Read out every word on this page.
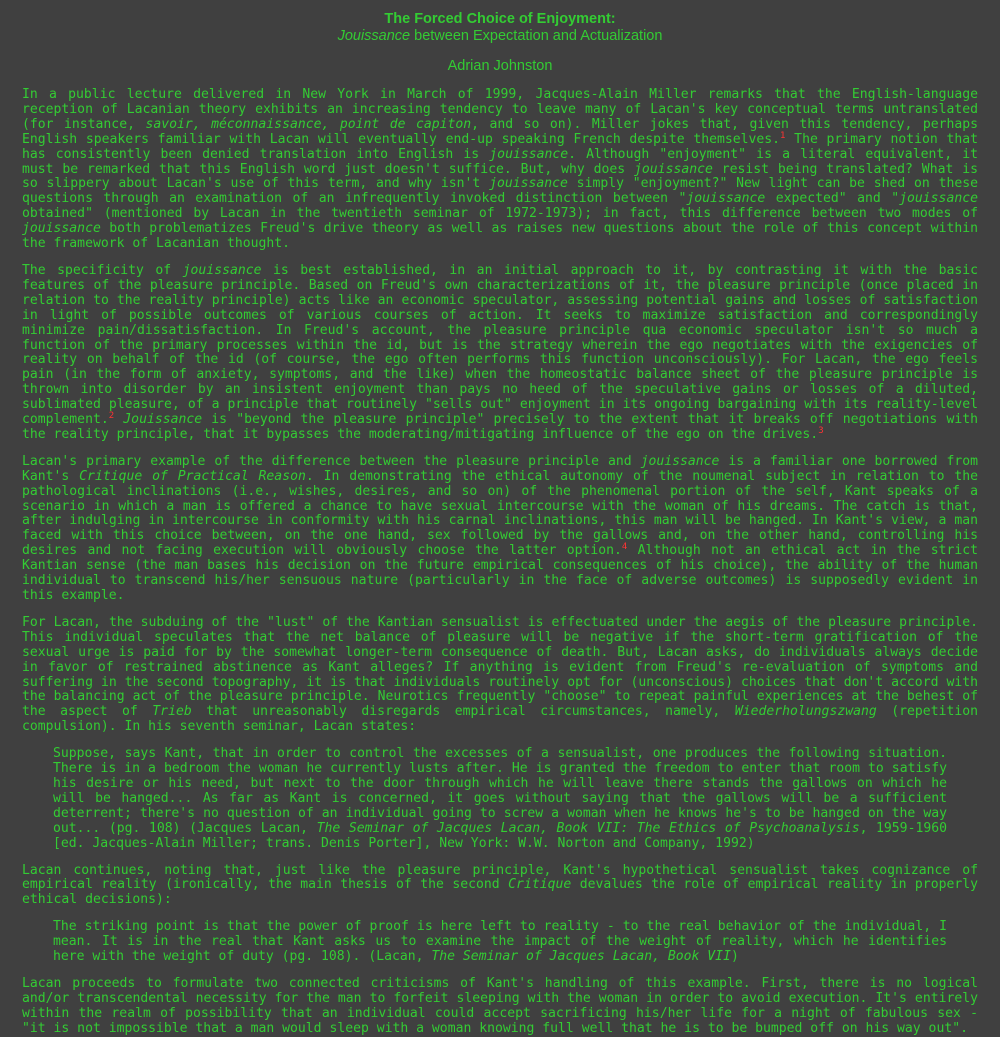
The Forced Choice of Enjoyment:
Jouissance between Expectation and Actualization
Adrian Johnston

In a public lecture delivered in New York in March of 1999, Jacques-Alain Miller remarks that the English-language reception of Lacanian theory exhibits an increasing tendency to leave many of Lacan's key conceptual terms untranslated (for instance, savoir, méconnaissance, point de capiton, and so on). Miller jokes that, given this tendency, perhaps English speakers familiar with Lacan will eventually end-up speaking French despite themselves.$^1$ The primary notion that has consistently been denied translation into English is jouissance. Although "enjoyment" is a literal equivalent, it must be remarked that this English word just doesn't suffice. But, why does jouissance resist being translated? What is so slippery about Lacan's use of this term, and why isn't jouissance simply "enjoyment?" New light can be shed on these questions through an examination of an infrequently invoked distinction between "jouissance expected" and "jouissance obtained" (mentioned by Lacan in the twentieth seminar of 1972-1973); in fact, this difference between two modes of jouissance both problematizes Freud's drive theory as well as raises new questions about the role of this concept within the framework of Lacanian thought.

The specificity of jouissance is best established, in an initial approach to it, by contrasting it with the basic features of the pleasure principle. Based on Freud's own characterizations of it, the pleasure principle (once placed in relation to the reality principle) acts like an economic speculator, assessing potential gains and losses of satisfaction in light of possible outcomes of various courses of action. It seeks to maximize satisfaction and correspondingly minimize pain/dissatisfaction. In Freud's account, the pleasure principle qua economic speculator isn't so much a function of the primary processes within the id, but is the strategy wherein the ego negotiates with the exigencies of reality on behalf of the id (of course, the ego often performs this function unconsciously). For Lacan, the ego feels pain (in the form of anxiety, symptoms, and the like) when the homeostatic balance sheet of the pleasure principle is thrown into disorder by an insistent enjoyment than pays no heed of the speculative gains or losses of a diluted, sublimated pleasure, of a principle that routinely "sells out" enjoyment in its ongoing bargaining with its reality-level complement.$^2$ Jouissance is "beyond the pleasure principle" precisely to the extent that it breaks off negotiations with the reality principle, that it bypasses the moderating/mitigating influence of the ego on the drives.$^3$

Lacan's primary example of the difference between the pleasure principle and jouissance is a familiar one borrowed from Kant's Critique of Practical Reason. In demonstrating the ethical autonomy of the noumenal subject in relation to the pathological inclinations (i.e., wishes, desires, and so on) of the phenomenal portion of the self, Kant speaks of a scenario in which a man is offered a chance to have sexual intercourse with the woman of his dreams. The catch is that, after indulging in intercourse in conformity with his carnal inclinations, this man will be hanged. In Kant's view, a man faced with this choice between, on the one hand, sex followed by the gallows and, on the other hand, controlling his desires and not facing execution will obviously choose the latter option.$^4$ Although not an ethical act in the strict Kantian sense (the man bases his decision on the future empirical consequences of his choice), the ability of the human individual to transcend his/her sensuous nature (particularly in the face of adverse outcomes) is supposedly evident in this example.

For Lacan, the subduing of the "lust" of the Kantian sensualist is effectuated under the aegis of the pleasure principle. This individual speculates that the net balance of pleasure will be negative if the short-term gratification of the sexual urge is paid for by the somewhat longer-term consequence of death. But, Lacan asks, do individuals always decide in favor of restrained abstinence as Kant alleges? If anything is evident from Freud's re-evaluation of symptoms and suffering in the second topography, it is that individuals routinely opt for (unconscious) choices that don't accord with the balancing act of the pleasure principle. Neurotics frequently "choose" to repeat painful experiences at the behest of the aspect of Trieb that unreasonably disregards empirical circumstances, namely, Wiederholungszwang (repetition compulsion). In his seventh seminar, Lacan states:

Suppose, says Kant, that in order to control the excesses of a sensualist, one produces the following situation. There is in a bedroom the woman he currently lusts after. He is granted the freedom to enter that room to satisfy his desire or his need, but next to the door through which he will leave there stands the gallows on which he will be hanged... As far as Kant is concerned, it goes without saying that the gallows will be a sufficient deterrent; there's no question of an individual going to screw a woman when he knows he's to be hanged on the way out... (pg. 108) (Jacques Lacan, The Seminar of Jacques Lacan, Book VII: The Ethics of Psychoanalysis, 1959-1960 [ed. Jacques-Alain Miller; trans. Denis Porter], New York: W.W. Norton and Company, 1992)

Lacan continues, noting that, just like the pleasure principle, Kant's hypothetical sensualist takes cognizance of empirical reality (ironically, the main thesis of the second Critique devalues the role of empirical reality in properly ethical decisions):

The striking point is that the power of proof is here left to reality - to the real behavior of the individual, I mean. It is in the real that Kant asks us to examine the impact of the weight of reality, which he identifies here with the weight of duty (pg. 108). (Lacan, The Seminar of Jacques Lacan, Book VII)

Lacan proceeds to formulate two connected criticisms of Kant's handling of this example. First, there is no logical and/or transcendental necessity for the man to forfeit sleeping with the woman in order to avoid execution. It's entirely within the realm of possibility that an individual could accept sacrificing his/her life for a night of fabulous sex - "it is not impossible that a man would sleep with a woman knowing full well that he is to be bumped off on his way out".
